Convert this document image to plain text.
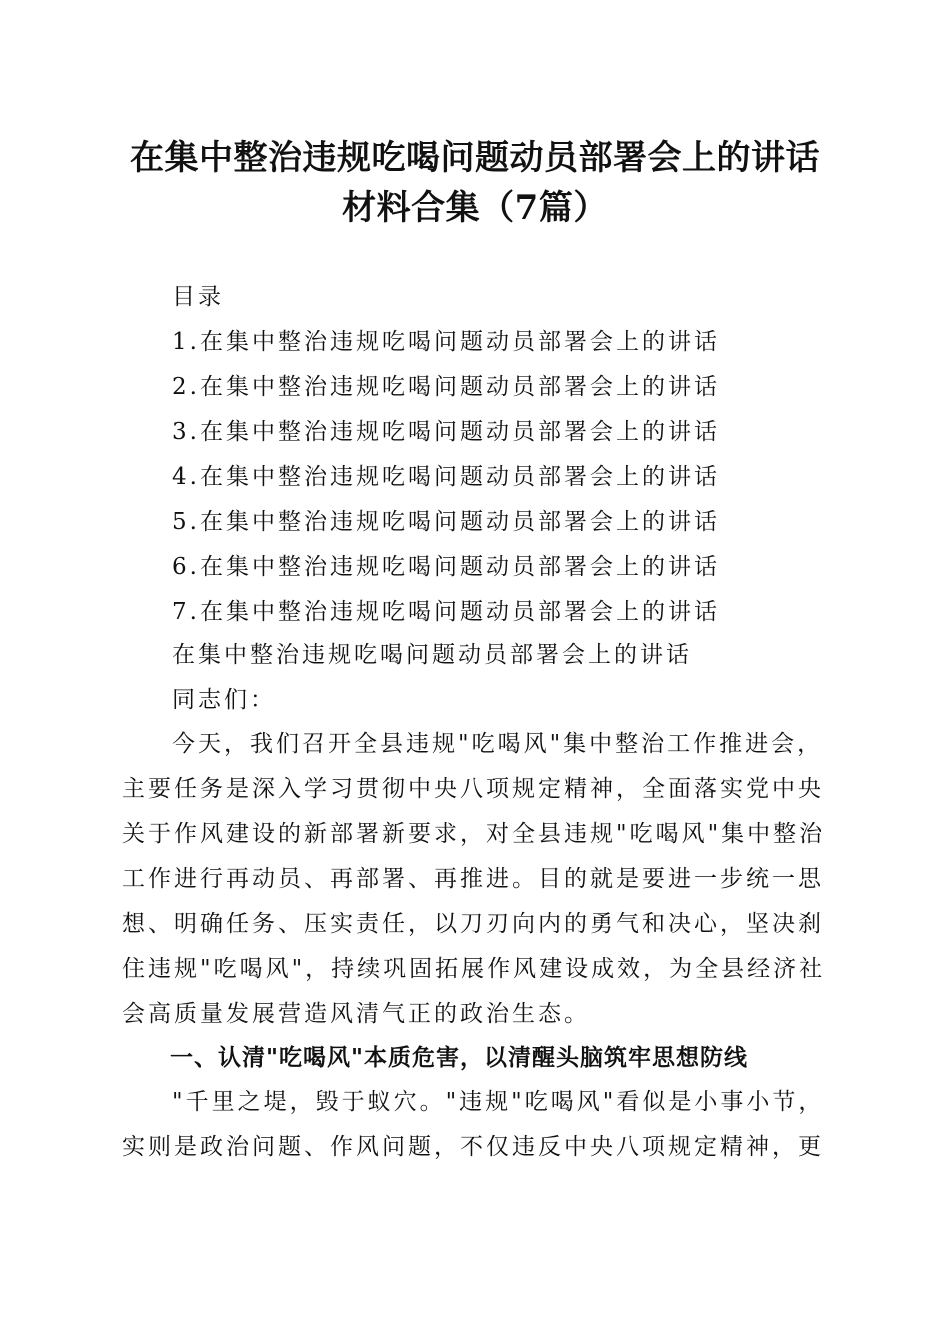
在集中整治违规吃喝问题动员部署会上的讲话
材料合集（7篇）
目录
1.在集中整治违规吃喝问题动员部署会上的讲话
2.在集中整治违规吃喝问题动员部署会上的讲话
3.在集中整治违规吃喝问题动员部署会上的讲话
4.在集中整治违规吃喝问题动员部署会上的讲话
5.在集中整治违规吃喝问题动员部署会上的讲话
6.在集中整治违规吃喝问题动员部署会上的讲话
7.在集中整治违规吃喝问题动员部署会上的讲话
在集中整治违规吃喝问题动员部署会上的讲话
同志们：
今天，我们召开全县违规"吃喝风"集中整治工作推进会，
主要任务是深入学习贯彻中央八项规定精神，全面落实党中央
关于作风建设的新部署新要求，对全县违规"吃喝风"集中整治
工作进行再动员、再部署、再推进。目的就是要进一步统一思
想、明确任务、压实责任，以刀刃向内的勇气和决心，坚决刹
住违规"吃喝风"，持续巩固拓展作风建设成效，为全县经济社
会高质量发展营造风清气正的政治生态。
一、认清"吃喝风"本质危害，以清醒头脑筑牢思想防线
"千里之堤，毁于蚁穴。"违规"吃喝风"看似是小事小节，
实则是政治问题、作风问题，不仅违反中央八项规定精神，更
